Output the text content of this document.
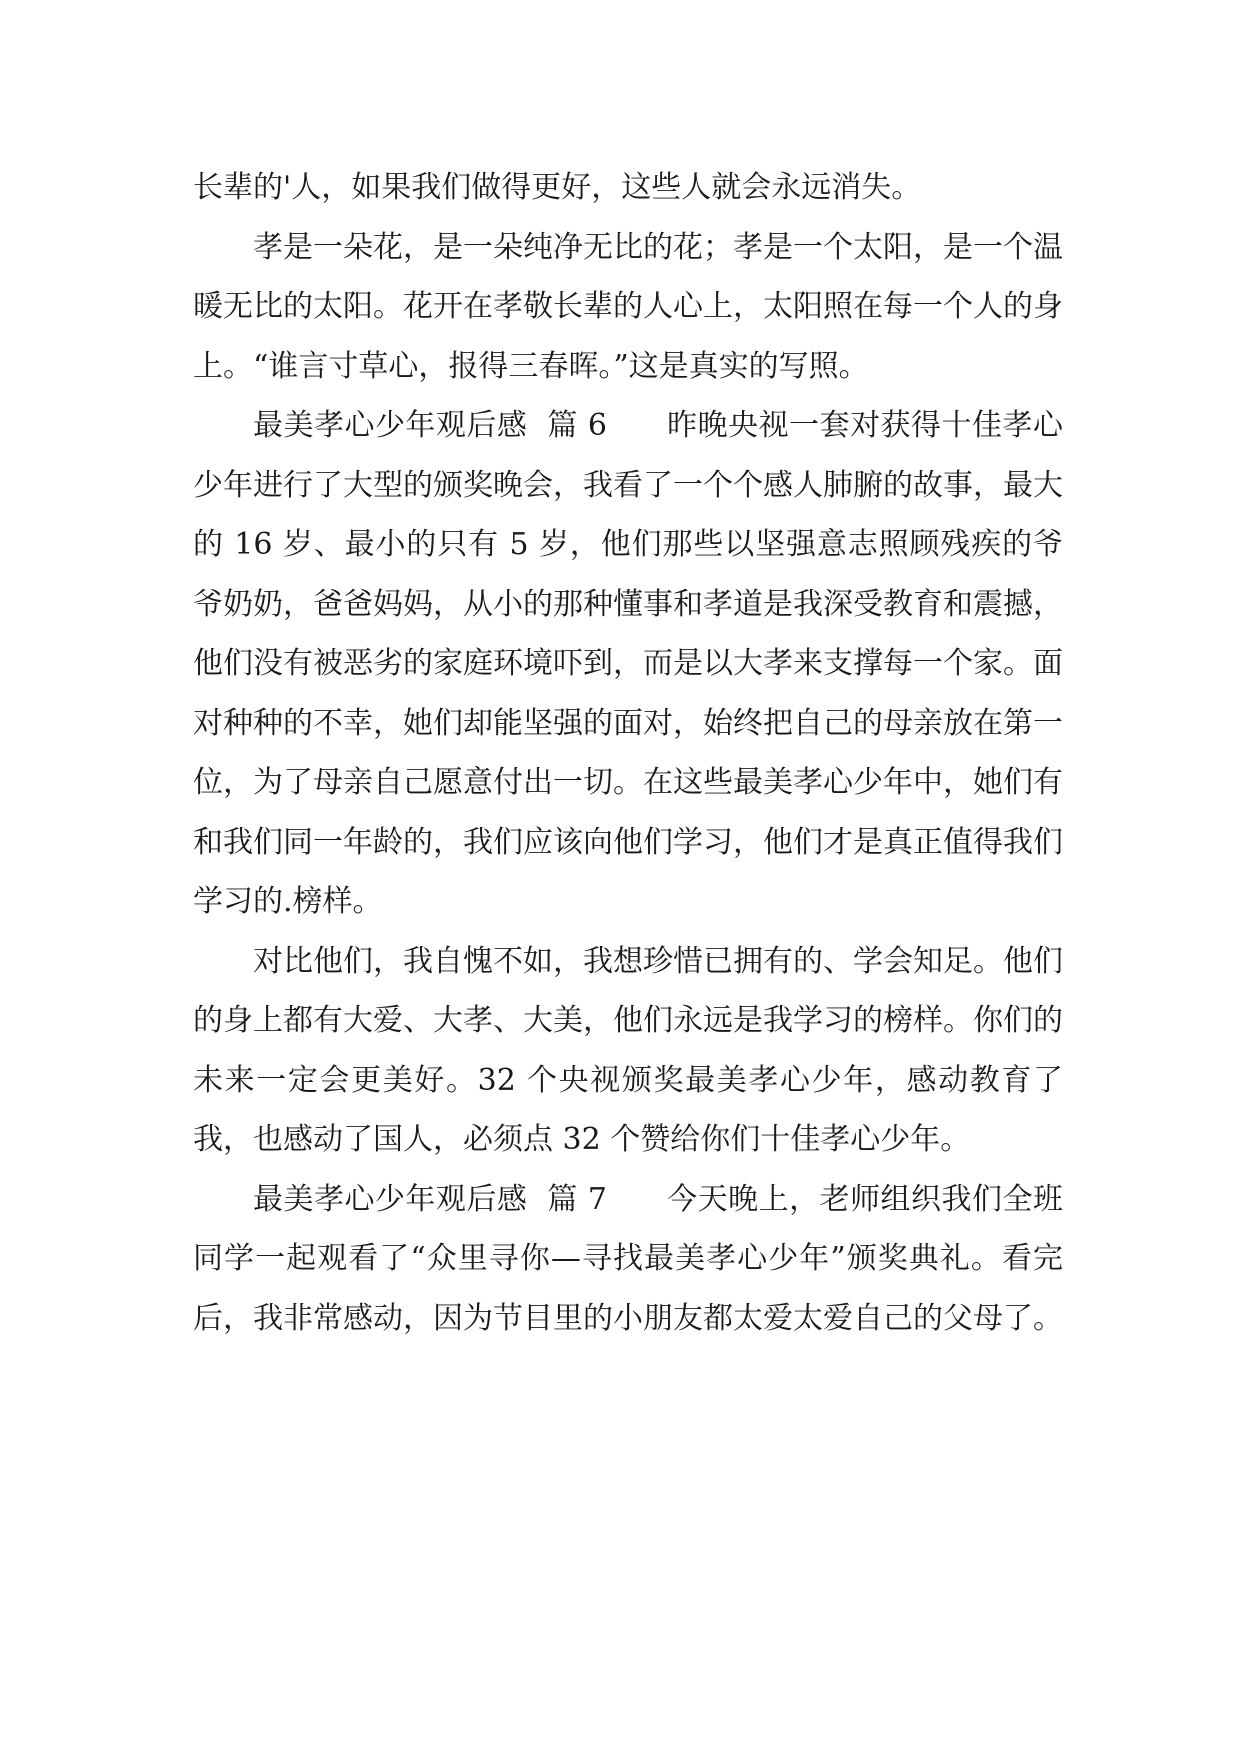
长辈的'人，如果我们做得更好，这些人就会永远消失。

孝是一朵花，是一朵纯净无比的花；孝是一个太阳，是一个温暖无比的太阳。花开在孝敬长辈的人心上，太阳照在每一个人的身上。“谁言寸草心，报得三春晖。”这是真实的写照。

最美孝心少年观后感  篇 6      昨晚央视一套对获得十佳孝心少年进行了大型的颁奖晚会，我看了一个个感人肺腑的故事，最大的 16 岁、最小的只有 5 岁，他们那些以坚强意志照顾残疾的爷爷奶奶，爸爸妈妈，从小的那种懂事和孝道是我深受教育和震撼，他们没有被恶劣的家庭环境吓到，而是以大孝来支撑每一个家。面对种种的不幸，她们却能坚强的面对，始终把自己的母亲放在第一位，为了母亲自己愿意付出一切。在这些最美孝心少年中，她们有和我们同一年龄的，我们应该向他们学习，他们才是真正值得我们学习的.榜样。

对比他们，我自愧不如，我想珍惜已拥有的、学会知足。他们的身上都有大爱、大孝、大美，他们永远是我学习的榜样。你们的未来一定会更美好。32 个央视颁奖最美孝心少年，感动教育了我，也感动了国人，必须点 32 个赞给你们十佳孝心少年。

最美孝心少年观后感  篇 7      今天晚上，老师组织我们全班同学一起观看了“众里寻你—寻找最美孝心少年”颁奖典礼。看完后，我非常感动，因为节目里的小朋友都太爱太爱自己的父母了。
